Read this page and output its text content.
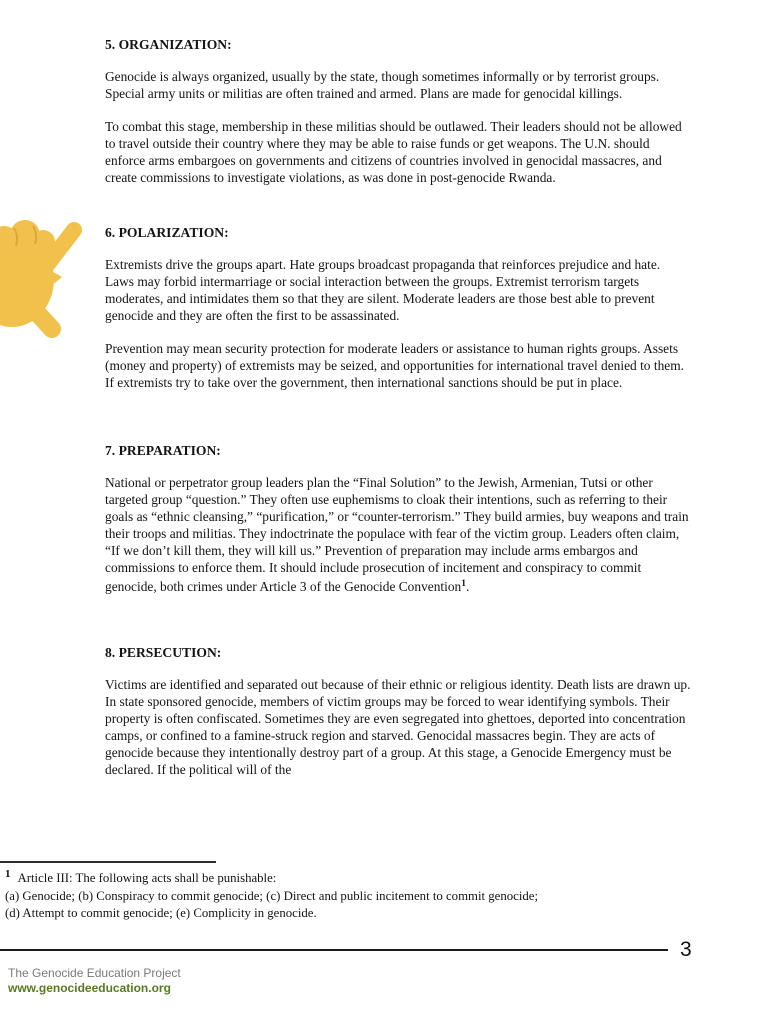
5. ORGANIZATION:

Genocide is always organized, usually by the state, though sometimes informally or by terrorist groups. Special army units or militias are often trained and armed. Plans are made for genocidal killings.

To combat this stage, membership in these militias should be outlawed. Their leaders should not be allowed to travel outside their country where they may be able to raise funds or get weapons. The U.N. should enforce arms embargoes on governments and citizens of countries involved in genocidal massacres, and create commissions to investigate violations, as was done in post-genocide Rwanda.

6. POLARIZATION:

Extremists drive the groups apart. Hate groups broadcast propaganda that reinforces prejudice and hate. Laws may forbid intermarriage or social interaction between the groups. Extremist terrorism targets moderates, and intimidates them so that they are silent. Moderate leaders are those best able to prevent genocide and they are often the first to be assassinated.

Prevention may mean security protection for moderate leaders or assistance to human rights groups. Assets (money and property) of extremists may be seized, and opportunities for international travel denied to them. If extremists try to take over the government, then international sanctions should be put in place.

7. PREPARATION:

National or perpetrator group leaders plan the “Final Solution” to the Jewish, Armenian, Tutsi or other targeted group “question.” They often use euphemisms to cloak their intentions, such as referring to their goals as “ethnic cleansing,” “purification,” or “counter-terrorism.” They build armies, buy weapons and train their troops and militias. They indoctrinate the populace with fear of the victim group. Leaders often claim, “If we don’t kill them, they will kill us.” Prevention of preparation may include arms embargos and commissions to enforce them. It should include prosecution of incitement and conspiracy to commit genocide, both crimes under Article 3 of the Genocide Convention$^1$.

8. PERSECUTION:

Victims are identified and separated out because of their ethnic or religious identity. Death lists are drawn up. In state sponsored genocide, members of victim groups may be forced to wear identifying symbols. Their property is often confiscated. Sometimes they are even segregated into ghettoes, deported into concentration camps, or confined to a famine-struck region and starved. Genocidal massacres begin. They are acts of genocide because they intentionally destroy part of a group. At this stage, a Genocide Emergency must be declared. If the political will of the

$^1$ Article III: The following acts shall be punishable:
(a) Genocide; (b) Conspiracy to commit genocide; (c) Direct and public incitement to commit genocide;
(d) Attempt to commit genocide; (e) Complicity in genocide.
3
The Genocide Education Project
www.genocideeducation.org
